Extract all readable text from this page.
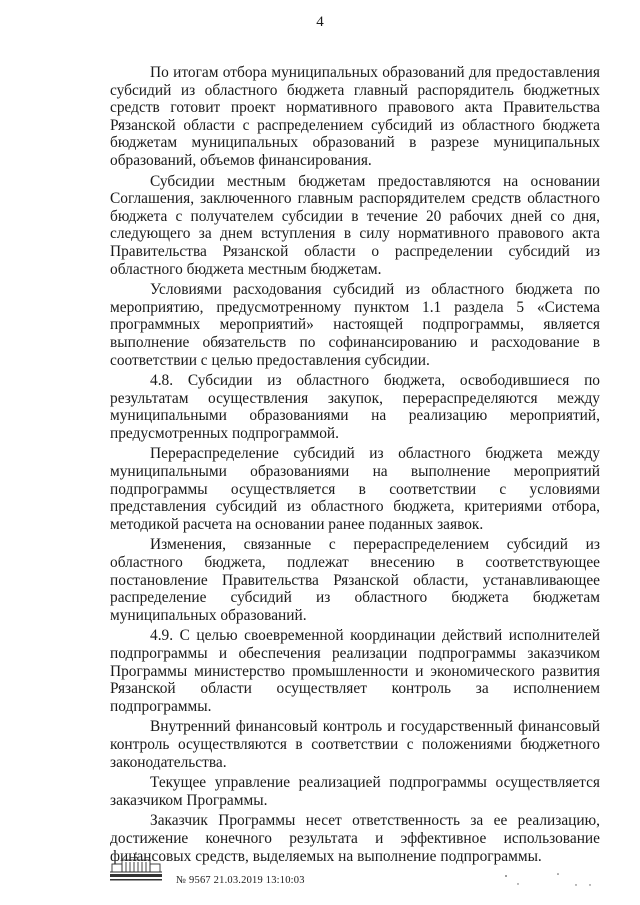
4

По итогам отбора муниципальных образований для предоставления субсидий из областного бюджета главный распорядитель бюджетных средств готовит проект нормативного правового акта Правительства Рязанской области с распределением субсидий из областного бюджета бюджетам муниципальных образований в разрезе муниципальных образований, объемов финансирования.

Субсидии местным бюджетам предоставляются на основании Соглашения, заключенного главным распорядителем средств областного бюджета с получателем субсидии в течение 20 рабочих дней со дня, следующего за днем вступления в силу нормативного правового акта Правительства Рязанской области о распределении субсидий из областного бюджета местным бюджетам.

Условиями расходования субсидий из областного бюджета по мероприятию, предусмотренному пунктом 1.1 раздела 5 «Система программных мероприятий» настоящей подпрограммы, является выполнение обязательств по софинансированию и расходование в соответствии с целью предоставления субсидии.

4.8. Субсидии из областного бюджета, освободившиеся по результатам осуществления закупок, перераспределяются между муниципальными образованиями на реализацию мероприятий, предусмотренных подпрограммой.

Перераспределение субсидий из областного бюджета между муниципальными образованиями на выполнение мероприятий подпрограммы осуществляется в соответствии с условиями представления субсидий из областного бюджета, критериями отбора, методикой расчета на основании ранее поданных заявок.

Изменения, связанные с перераспределением субсидий из областного бюджета, подлежат внесению в соответствующее постановление Правительства Рязанской области, устанавливающее распределение субсидий из областного бюджета бюджетам муниципальных образований.

4.9. С целью своевременной координации действий исполнителей подпрограммы и обеспечения реализации подпрограммы заказчиком Программы министерство промышленности и экономического развития Рязанской области осуществляет контроль за исполнением подпрограммы.

Внутренний финансовый контроль и государственный финансовый контроль осуществляются в соответствии с положениями бюджетного законодательства.

Текущее управление реализацией подпрограммы осуществляется заказчиком Программы.

Заказчик Программы несет ответственность за ее реализацию, достижение конечного результата и эффективное использование финансовых средств, выделяемых на выполнение подпрограммы.

№ 9567 21.03.2019 13:10:03
